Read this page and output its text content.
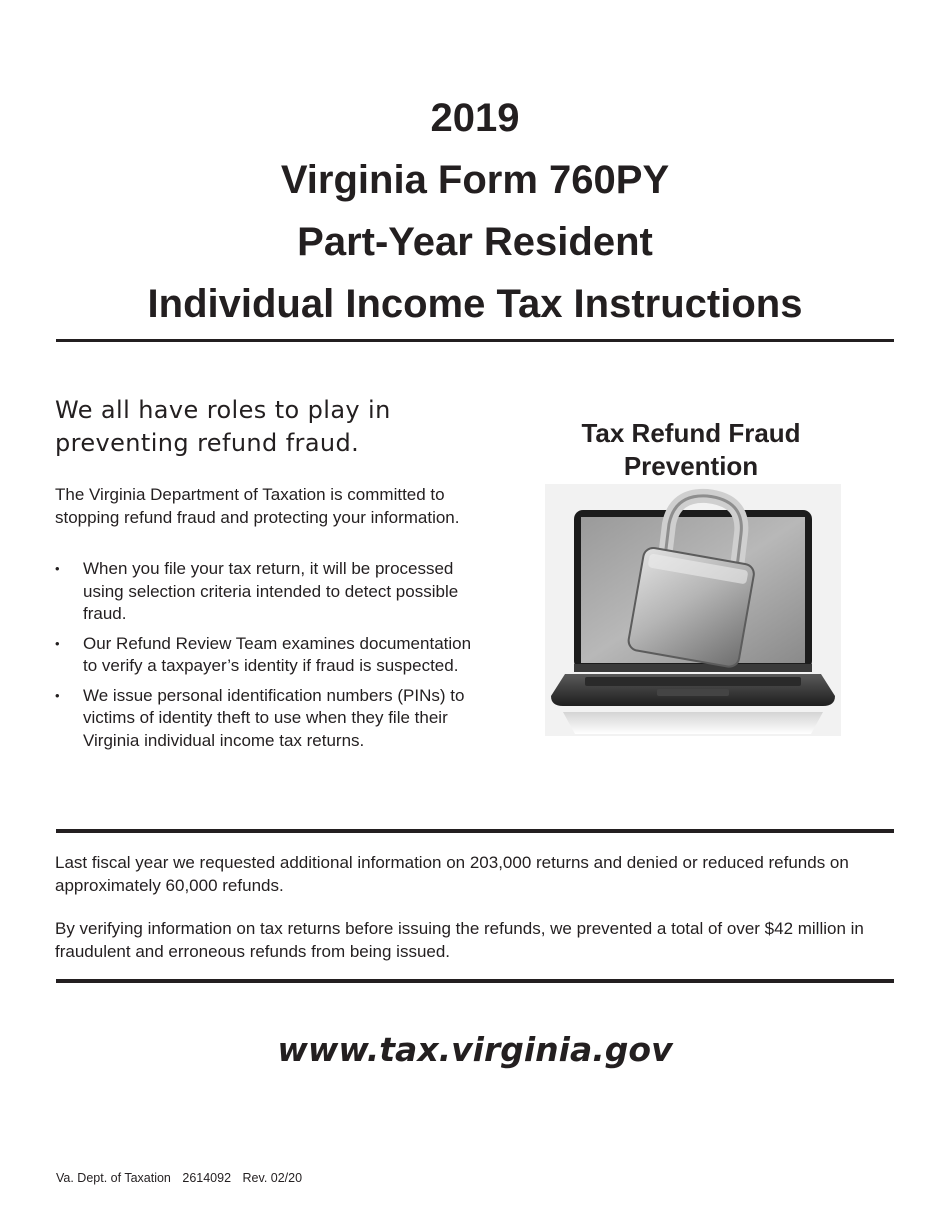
2019
Virginia Form 760PY
Part-Year Resident
Individual Income Tax Instructions

We all have roles to play in preventing refund fraud.

The Virginia Department of Taxation is committed to stopping refund fraud and protecting your information.

• When you file your tax return, it will be processed using selection criteria intended to detect possible fraud.
• Our Refund Review Team examines documentation to verify a taxpayer’s identity if fraud is suspected.
• We issue personal identification numbers (PINs) to victims of identity theft to use when they file their Virginia individual income tax returns.
Tax Refund Fraud Prevention

Last fiscal year we requested additional information on 203,000 returns and denied or reduced refunds on approximately 60,000 refunds.

By verifying information on tax returns before issuing the refunds, we prevented a total of over $42 million in fraudulent and erroneous refunds from being issued.

www.tax.virginia.gov

Va. Dept. of Taxation 2614092 Rev. 02/20
